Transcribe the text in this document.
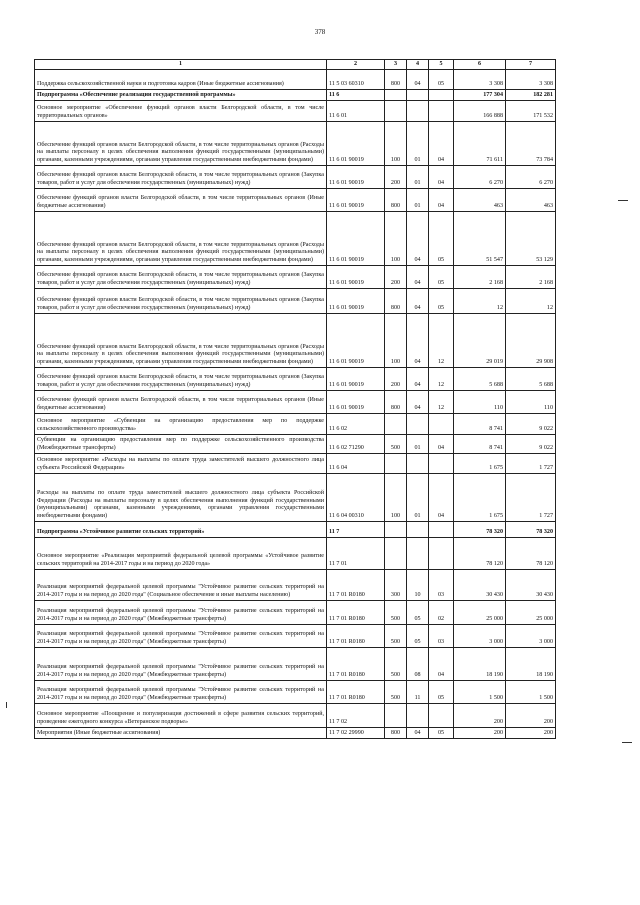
378
1	2	3	4	5	6	7
Поддержка сельскохозяйственной науки и подготовка кадров (Иные бюджетные ассигнования)	11 5 03 60310	800	04	05	3 308	3 308
Подпрограмма «Обеспечение реализации государственной программы»	11 6				177 304	182 281
Основное мероприятие «Обеспечение функций органов власти Белгородской области, в том числе территориальных органов»	11 6 01				166 888	171 532
Обеспечение функций органов власти Белгородской области, в том числе территориальных органов (Расходы на выплаты персоналу в целях обеспечения выполнения функций государственными (муниципальными) органами, казенными учреждениями, органами управления государственными внебюджетными фондами)	11 6 01 90019	100	01	04	71 611	73 784
Обеспечение функций органов власти Белгородской области, в том числе территориальных органов (Закупка товаров, работ и услуг для обеспечения государственных (муниципальных) нужд)	11 6 01 90019	200	01	04	6 270	6 270
Обеспечение функций органов власти Белгородской области, в том числе территориальных органов (Иные бюджетные ассигнования)	11 6 01 90019	800	01	04	463	463
Обеспечение функций органов власти Белгородской области, в том числе территориальных органов (Расходы на выплаты персоналу в целях обеспечения выполнения функций государственными (муниципальными) органами, казенными учреждениями, органами управления государственными внебюджетными фондами)	11 6 01 90019	100	04	05	51 547	53 129
Обеспечение функций органов власти Белгородской области, в том числе территориальных органов (Закупка товаров, работ и услуг для обеспечения государственных (муниципальных) нужд)	11 6 01 90019	200	04	05	2 168	2 168
Обеспечение функций органов власти Белгородской области, в том числе территориальных органов (Закупка товаров, работ и услуг для обеспечения государственных (муниципальных) нужд)	11 6 01 90019	800	04	05	12	12
Обеспечение функций органов власти Белгородской области, в том числе территориальных органов (Расходы на выплаты персоналу в целях обеспечения выполнения функций государственными (муниципальными) органами, казенными учреждениями, органами управления государственными внебюджетными фондами)	11 6 01 90019	100	04	12	29 019	29 908
Обеспечение функций органов власти Белгородской области, в том числе территориальных органов (Закупка товаров, работ и услуг для обеспечения государственных (муниципальных) нужд)	11 6 01 90019	200	04	12	5 688	5 688
Обеспечение функций органов власти Белгородской области, в том числе территориальных органов (Иные бюджетные ассигнования)	11 6 01 90019	800	04	12	110	110
Основное мероприятие «Субвенции на организацию предоставления мер по поддержке сельскохозяйственного производства»	11 6 02				8 741	9 022
Субвенции на организацию предоставления мер по поддержке сельскохозяйственного производства (Межбюджетные трансферты)	11 6 02 71290	500	01	04	8 741	9 022
Основное мероприятие «Расходы на выплаты по оплате труда заместителей высшего должностного лица субъекта Российской Федерации»	11 6 04				1 675	1 727
Расходы на выплаты по оплате труда заместителей высшего должностного лица субъекта Российской Федерации (Расходы на выплаты персоналу в целях обеспечения выполнения функций государственными (муниципальными) органами, казенными учреждениями, органами управления государственными внебюджетными фондами)	11 6 04 00310	100	01	04	1 675	1 727
Подпрограмма «Устойчивое развитие сельских территорий»	11 7				78 320	78 320
Основное мероприятие «Реализация мероприятий федеральной целевой программы «Устойчивое развитие сельских территорий на 2014-2017 годы и на период до 2020 года»	11 7 01				78 120	78 120
Реализация мероприятий федеральной целевой программы "Устойчивое развитие сельских территорий на 2014-2017 годы и на период до 2020 года" (Социальное обеспечение и иные выплаты населению)	11 7 01 R0180	300	10	03	30 430	30 430
Реализация мероприятий федеральной целевой программы "Устойчивое развитие сельских территорий на 2014-2017 годы и на период до 2020 года" (Межбюджетные трансферты)	11 7 01 R0180	500	05	02	25 000	25 000
Реализация мероприятий федеральной целевой программы "Устойчивое развитие сельских территорий на 2014-2017 годы и на период до 2020 года" (Межбюджетные трансферты)	11 7 01 R0180	500	05	03	3 000	3 000
Реализация мероприятий федеральной целевой программы "Устойчивое развитие сельских территорий на 2014-2017 годы и на период до 2020 года" (Межбюджетные трансферты)	11 7 01 R0180	500	08	04	18 190	18 190
Реализация мероприятий федеральной целевой программы "Устойчивое развитие сельских территорий на 2014-2017 годы и на период до 2020 года" (Межбюджетные трансферты)	11 7 01 R0180	500	11	05	1 500	1 500
Основное мероприятие «Поощрение и популяризация достижений в сфере развития сельских территорий, проведение ежегодного конкурса «Ветеранское подворье»	11 7 02				200	200
Мероприятия (Иные бюджетные ассигнования)	11 7 02 29990	800	04	05	200	200
